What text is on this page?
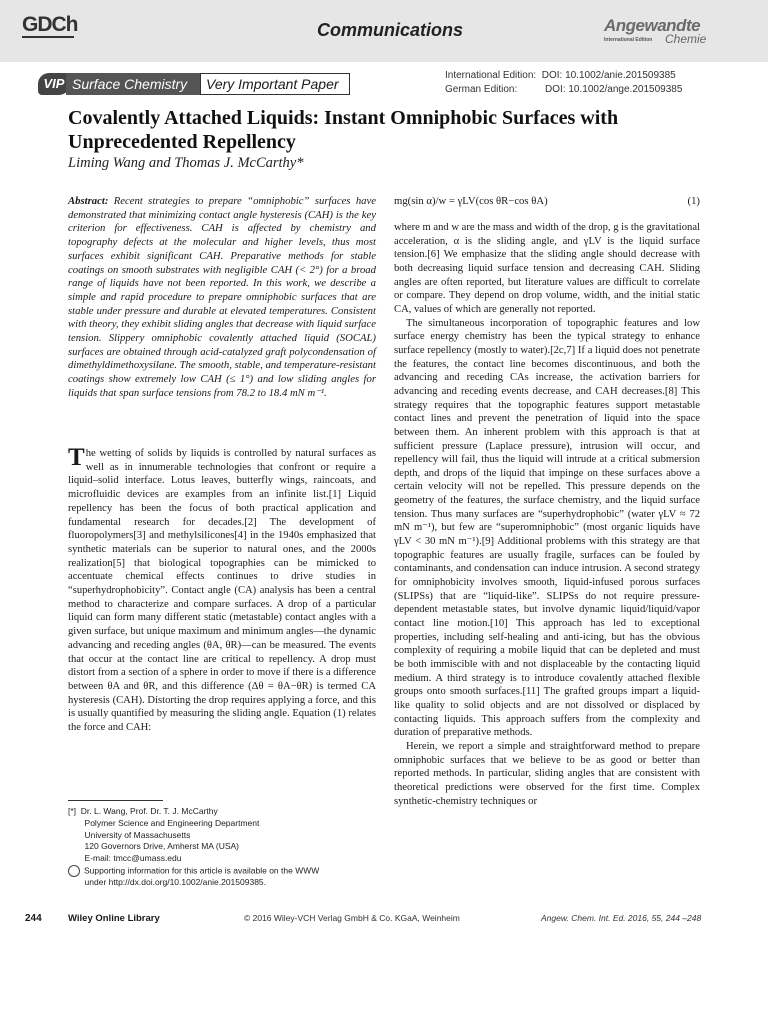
GDCh	Communications	Angewandte
International Edition Chemie
VIP Surface Chemistry	Very Important Paper
International Edition:  DOI: 10.1002/anie.201509385
German Edition:          DOI: 10.1002/ange.201509385
Covalently Attached Liquids: Instant Omniphobic Surfaces with
Unprecedented Repellency
Liming Wang and Thomas J. McCarthy*
Abstract: Recent strategies to prepare “omniphobic” surfaces have demonstrated that minimizing contact angle hysteresis (CAH) is the key criterion for effectiveness. CAH is affected by chemistry and topography defects at the molecular and higher levels, thus most surfaces exhibit significant CAH. Preparative methods for stable coatings on smooth substrates with negligible CAH (< 2°) for a broad range of liquids have not been reported. In this work, we describe a simple and rapid procedure to prepare omniphobic surfaces that are stable under pressure and durable at elevated temperatures. Consistent with theory, they exhibit sliding angles that decrease with liquid surface tension. Slippery omniphobic covalently attached liquid (SOCAL) surfaces are obtained through acid-catalyzed graft polycondensation of dimethyldimethoxysilane. The smooth, stable, and temperature-resistant coatings show extremely low CAH (≤ 1°) and low sliding angles for liquids that span surface tensions from 78.2 to 18.4 mN m⁻¹.
The wetting of solids by liquids is controlled by natural surfaces as well as in innumerable technologies that confront or require a liquid–solid interface. Lotus leaves, butterfly wings, raincoats, and microfluidic devices are examples from an infinite list.[1] Liquid repellency has been the focus of both practical application and fundamental research for decades.[2] The development of fluoropolymers[3] and methylsilicones[4] in the 1940s emphasized that synthetic materials can be superior to natural ones, and the 2000s realization[5] that biological topographies can be mimicked to accentuate chemical effects continues to drive studies in “superhydrophobicity”. Contact angle (CA) analysis has been a central method to characterize and compare surfaces. A drop of a particular liquid can form many different static (metastable) contact angles with a given surface, but unique maximum and minimum angles—the dynamic advancing and receding angles (θA, θR)—can be measured. The events that occur at the contact line are critical to repellency. A drop must distort from a section of a sphere in order to move if there is a difference between θA and θR, and this difference (Δθ = θA−θR) is termed CA hysteresis (CAH). Distorting the drop requires applying a force, and this is usually quantified by measuring the sliding angle. Equation (1) relates the force and CAH:
[*]  Dr. L. Wang, Prof. Dr. T. J. McCarthy
Polymer Science and Engineering Department
University of Massachusetts
120 Governors Drive, Amherst MA (USA)
E-mail: tmcc@umass.edu
Supporting information for this article is available on the WWW
under http://dx.doi.org/10.1002/anie.201509385.
mg(sin α)/w = γLV(cos θR−cos θA)	(1)

where m and w are the mass and width of the drop, g is the gravitational acceleration, α is the sliding angle, and γLV is the liquid surface tension.[6] We emphasize that the sliding angle should decrease with both decreasing liquid surface tension and decreasing CAH. Sliding angles are often reported, but literature values are difficult to correlate or compare. They depend on drop volume, width, and the initial static CA, values of which are generally not reported.

The simultaneous incorporation of topographic features and low surface energy chemistry has been the typical strategy to enhance surface repellency (mostly to water).[2c,7] If a liquid does not penetrate the features, the contact line becomes discontinuous, and both the advancing and receding CAs increase, the activation barriers for advancing and receding events decrease, and CAH decreases.[8] This strategy requires that the topographic features support metastable contact lines and prevent the penetration of liquid into the space between them. An inherent problem with this approach is that at sufficient pressure (Laplace pressure), intrusion will occur, and repellency will fail, thus the liquid will intrude at a critical submersion depth, and drops of the liquid that impinge on these surfaces above a certain velocity will not be repelled. This pressure depends on the geometry of the features, the surface chemistry, and the liquid surface tension. Thus many surfaces are “superhydrophobic” (water γLV ≈ 72 mN m⁻¹), but few are “superomniphobic” (most organic liquids have γLV < 30 mN m⁻¹).[9] Additional problems with this strategy are that topographic features are usually fragile, surfaces can be fouled by contaminants, and condensation can induce intrusion. A second strategy for omniphobicity involves smooth, liquid-infused porous surfaces (SLIPSs) that are “liquid-like”. SLIPSs do not require pressure-dependent metastable states, but involve dynamic liquid/liquid/vapor contact line motion.[10] This approach has led to exceptional properties, including self-healing and anti-icing, but has the obvious complexity of requiring a mobile liquid that can be depleted and must be both immiscible with and not displaceable by the contacting liquid medium. A third strategy is to introduce covalently attached flexible groups onto smooth surfaces.[11] The grafted groups impart a liquid-like quality to solid objects and are not dissolved or displaced by contacting liquids. This approach suffers from the complexity and duration of preparative methods.

Herein, we report a simple and straightforward method to prepare omniphobic surfaces that we believe to be as good or better than reported methods. In particular, sliding angles that are consistent with theoretical predictions were observed for the first time. Complex synthetic-chemistry techniques or

244	Wiley Online Library	© 2016 Wiley-VCH Verlag GmbH & Co. KGaA, Weinheim	Angew. Chem. Int. Ed. 2016, 55, 244 –248
